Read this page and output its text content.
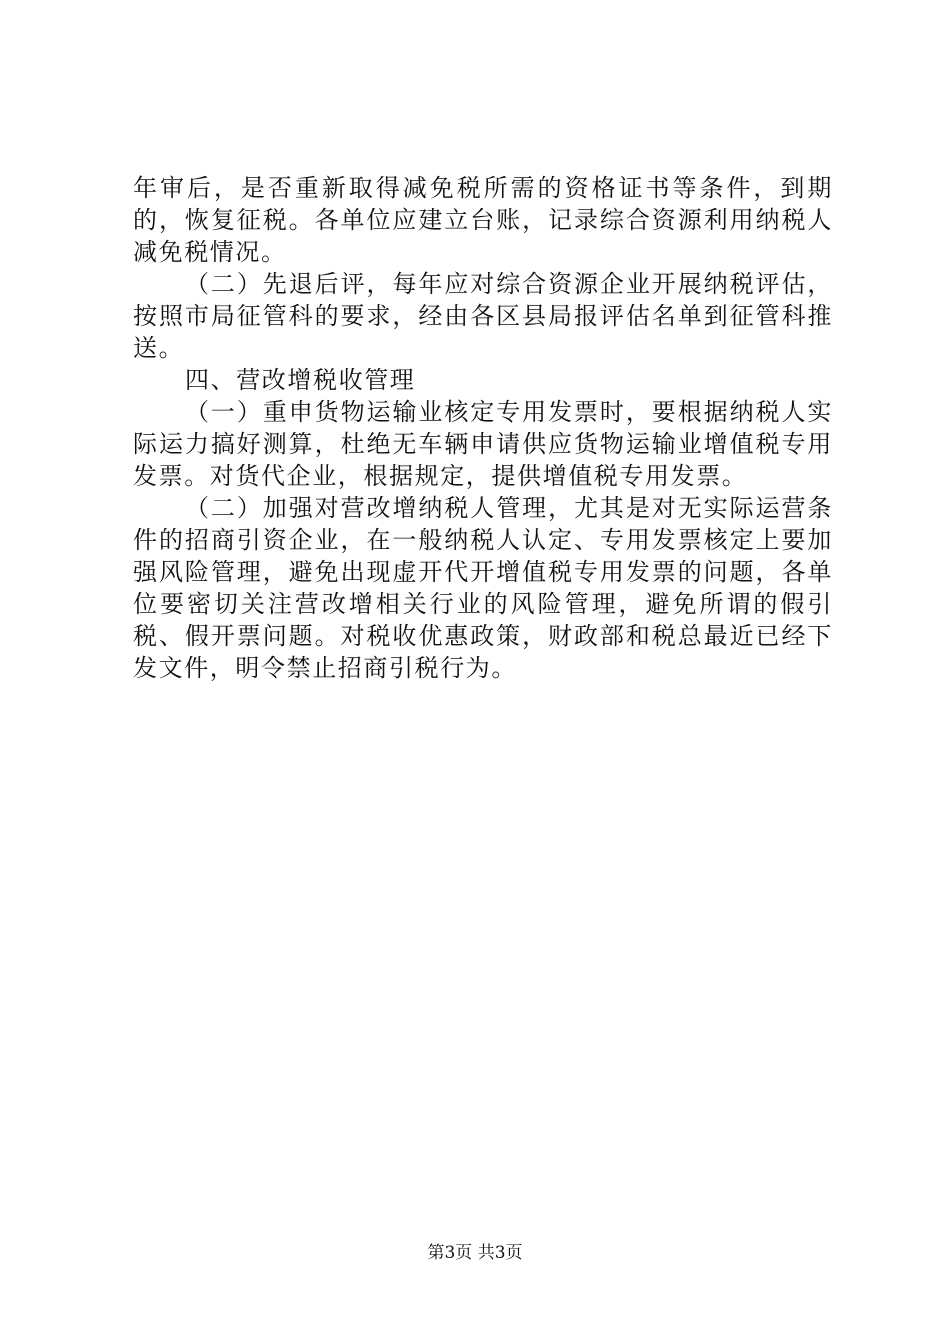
年审后，是否重新取得减免税所需的资格证书等条件，到期的，恢复征税。各单位应建立台账，记录综合资源利用纳税人减免税情况。

（二）先退后评，每年应对综合资源企业开展纳税评估，按照市局征管科的要求，经由各区县局报评估名单到征管科推送。

四、营改增税收管理

（一）重申货物运输业核定专用发票时，要根据纳税人实际运力搞好测算，杜绝无车辆申请供应货物运输业增值税专用发票。对货代企业，根据规定，提供增值税专用发票。

（二）加强对营改增纳税人管理，尤其是对无实际运营条件的招商引资企业，在一般纳税人认定、专用发票核定上要加强风险管理，避免出现虚开代开增值税专用发票的问题，各单位要密切关注营改增相关行业的风险管理，避免所谓的假引税、假开票问题。对税收优惠政策，财政部和税总最近已经下发文件，明令禁止招商引税行为。

第3页 共3页
